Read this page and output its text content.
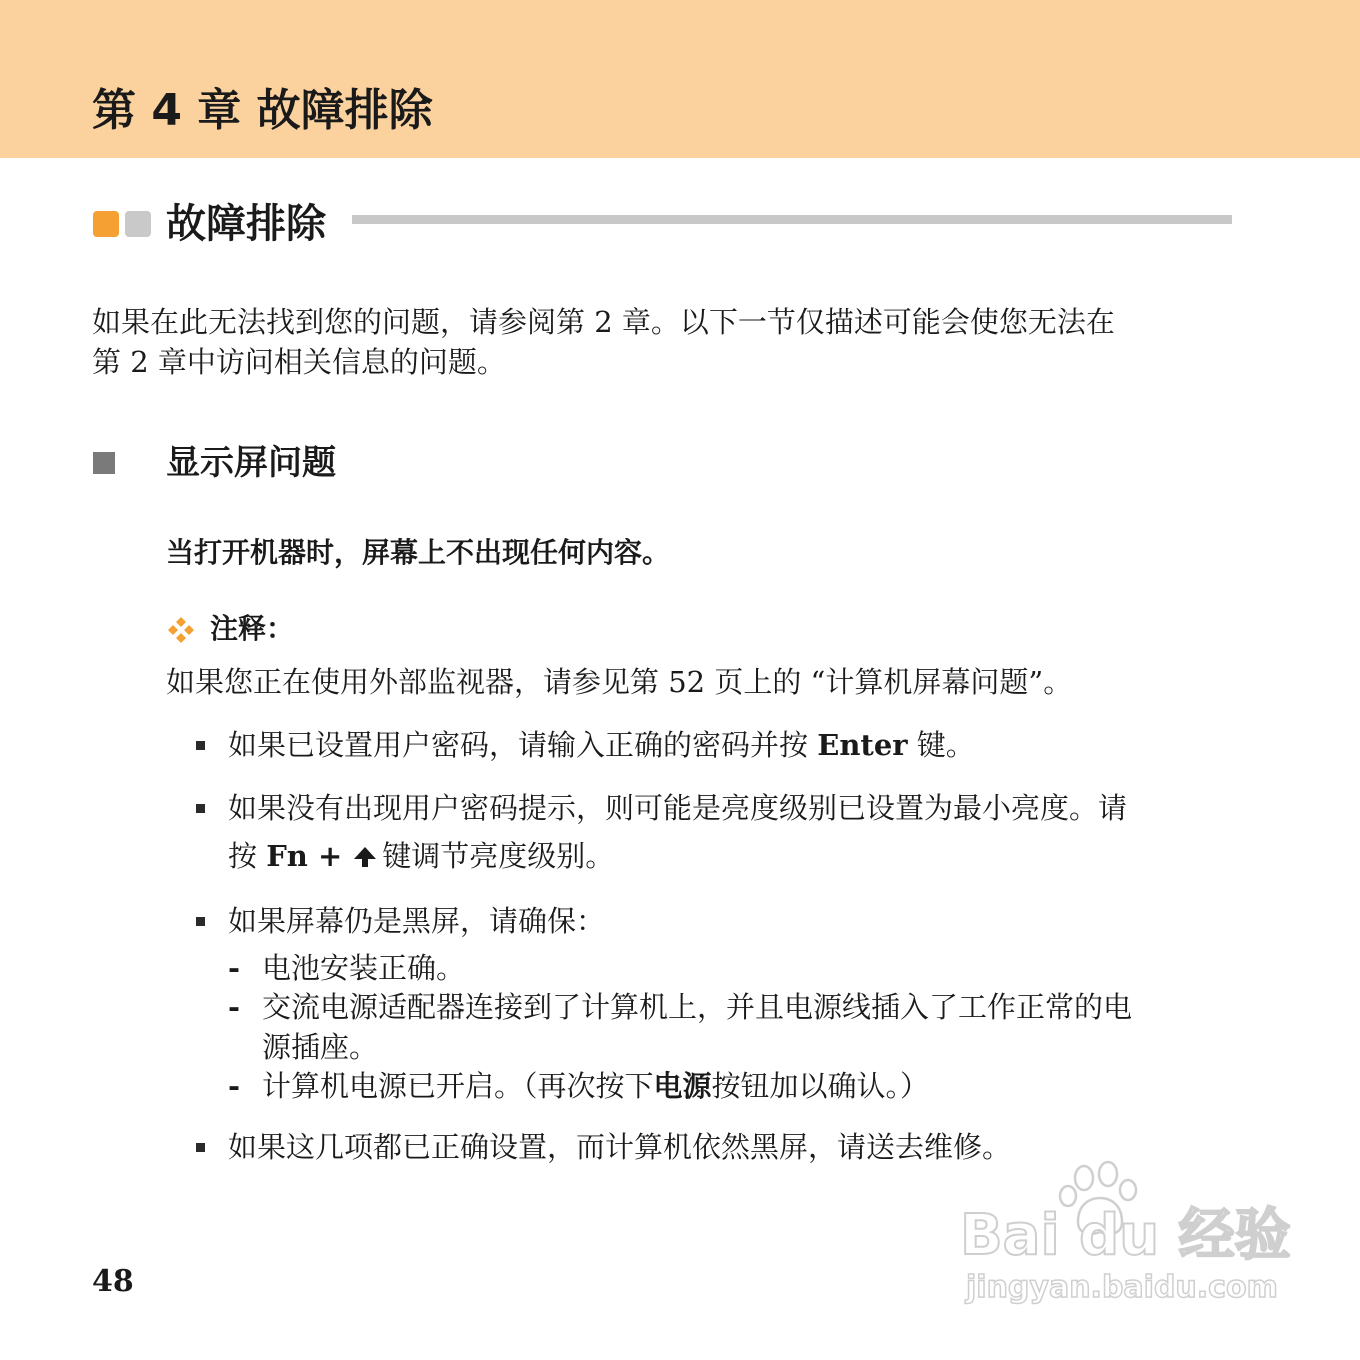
第 4 章 故障排除
故障排除
如果在此无法找到您的问题，请参阅第 2 章。以下一节仅描述可能会使您无法在
第 2 章中访问相关信息的问题。
显示屏问题
当打开机器时，屏幕上不出现任何内容。
注释：
如果您正在使用外部监视器，请参见第 52 页上的 “计算机屏幕问题”。
如果已设置用户密码，请输入正确的密码并按 Enter 键。
如果没有出现用户密码提示，则可能是亮度级别已设置为最小亮度。请
按 Fn + 键调节亮度级别。
如果屏幕仍是黑屏，请确保：
- 电池安装正确。
- 交流电源适配器连接到了计算机上，并且电源线插入了工作正常的电
源插座。
- 计算机电源已开启。（再次按下电源按钮加以确认。）
如果这几项都已正确设置，而计算机依然黑屏，请送去维修。
48
Bai du 经验
jingyan.baidu.com
